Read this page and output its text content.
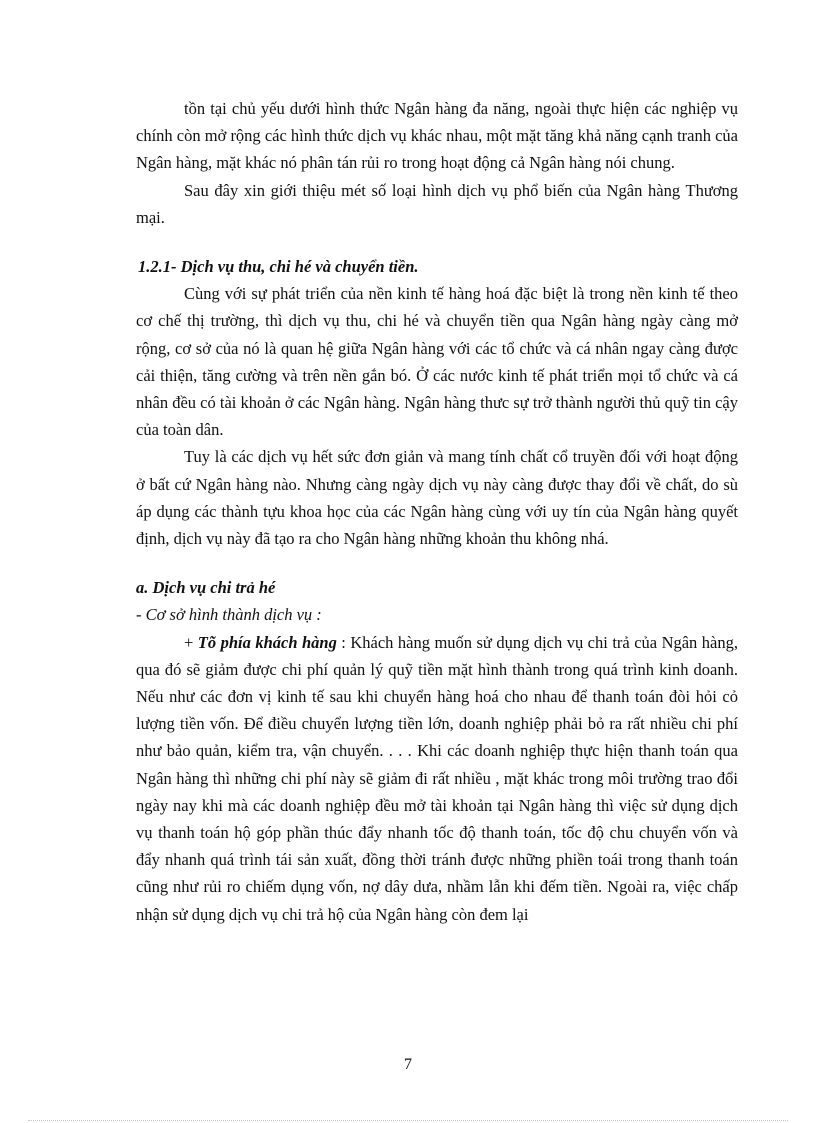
tồn tại chủ yếu dưới hình thức Ngân hàng đa năng, ngoài thực hiện các nghiệp vụ chính còn mở rộng các hình thức dịch vụ khác nhau, một mặt tăng khả năng cạnh tranh của Ngân hàng, mặt khác nó phân tán rủi ro trong hoạt động cả Ngân hàng nói chung.

Sau đây xin giới thiệu mét số loại hình dịch vụ phổ biến của Ngân hàng Thương mại.

1.2.1- Dịch vụ thu, chi hé và chuyển tiền.

Cùng với sự phát triển của nền kinh tế hàng hoá đặc biệt là trong nền kinh tế theo cơ chế thị trường, thì dịch vụ thu, chi hé và chuyển tiền qua Ngân hàng ngày càng mở rộng, cơ sở của nó là quan hệ giữa Ngân hàng với các tổ chức và cá nhân ngay càng được cải thiện, tăng cường và trên nền gắn bó. Ở các nước kinh tế phát triển mọi tổ chức và cá nhân đều có tài khoản ở các Ngân hàng. Ngân hàng thưc sự trở thành người thủ quỹ tin cậy của toàn dân.

Tuy là các dịch vụ hết sức đơn giản và mang tính chất cổ truyền đối với hoạt động ở bất cứ Ngân hàng nào. Nhưng càng ngày dịch vụ này càng được thay đổi về chất, do sù áp dụng các thành tựu khoa học của các Ngân hàng cùng với uy tín của Ngân hàng quyết định, dịch vụ này đã tạo ra cho Ngân hàng những khoản thu không nhá.

a. Dịch vụ chi trả hé

- Cơ sở hình thành dịch vụ :

+ Tõ phía khách hàng : Khách hàng muốn sử dụng dịch vụ chi trả của Ngân hàng, qua đó sẽ giảm được chi phí quản lý quỹ tiền mặt hình thành trong quá trình kinh doanh. Nếu như các đơn vị kinh tế sau khi chuyển hàng hoá cho nhau để thanh toán đòi hỏi cỏ lượng tiền vốn. Để điều chuyển lượng tiền lớn, doanh nghiệp phải bỏ ra rất nhiều chi phí như bảo quản, kiểm tra, vận chuyển. . . . Khi các doanh nghiệp thực hiện thanh toán qua Ngân hàng thì những chi phí này sẽ giảm đi rất nhiều , mặt khác trong môi trường trao đổi ngày nay khi mà các doanh nghiệp đều mở tài khoản tại Ngân hàng thì việc sử dụng dịch vụ thanh toán hộ góp phần thúc đẩy nhanh tốc độ thanh toán, tốc độ chu chuyển vốn và đẩy nhanh quá trình tái sản xuất, đồng thời tránh được những phiền toái trong thanh toán cũng như rủi ro chiếm dụng vốn, nợ dây dưa, nhầm lẫn khi đếm tiền. Ngoài ra, việc chấp nhận sử dụng dịch vụ chi trả hộ của Ngân hàng còn đem lại

7
